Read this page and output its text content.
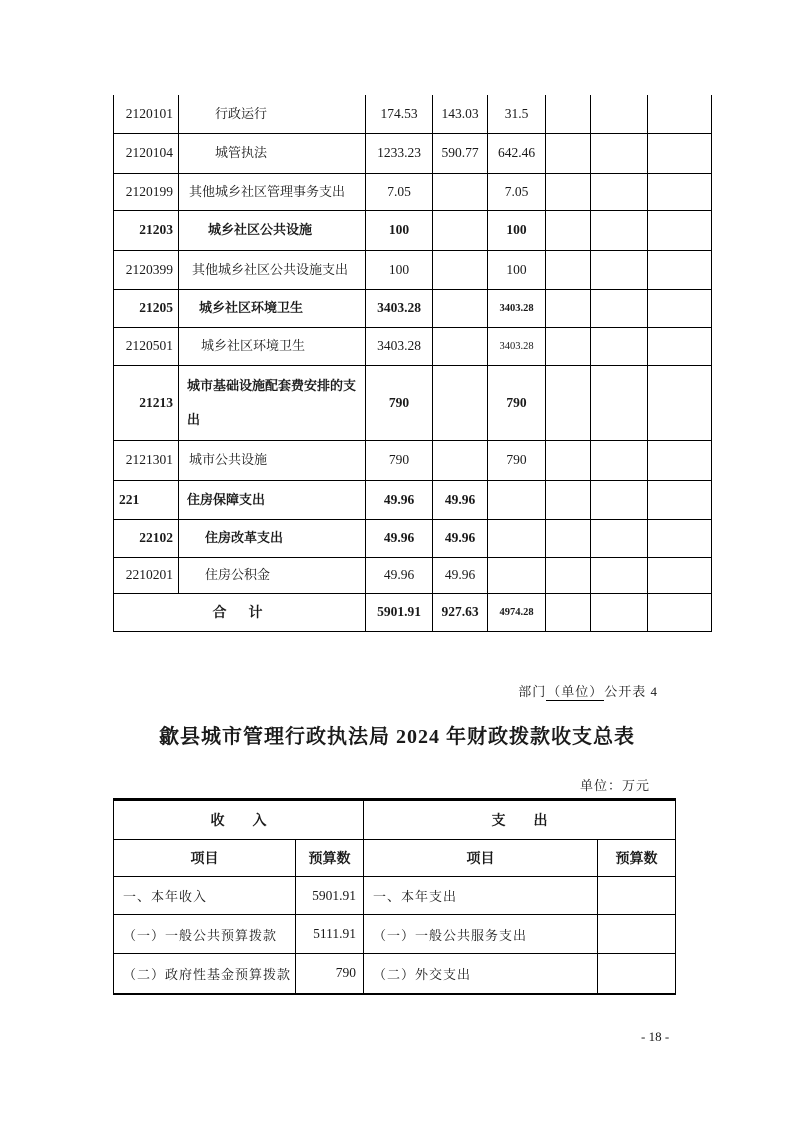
2120101	行政运行	174.53	143.03	31.5			
2120104	城管执法	1233.23	590.77	642.46			
2120199	其他城乡社区管理事务支出	7.05		7.05			
21203	城乡社区公共设施	100		100			
2120399	其他城乡社区公共设施支出	100		100			
21205	城乡社区环境卫生	3403.28		3403.28			
2120501	城乡社区环境卫生	3403.28		3403.28			
21213	城市基础设施配套费安排的支出	790		790			
2121301	城市公共设施	790		790			
221	住房保障支出	49.96	49.96				
22102	住房改革支出	49.96	49.96				
2210201	住房公积金	49.96	49.96				
合　计		5901.91	927.63	4974.28			
部门（单位）公开表 4
歙县城市管理行政执法局 2024 年财政拨款收支总表
单位：万元
收　　入		支　　出	
项目	预算数	项目	预算数
一、本年收入	5901.91	一、本年支出	
（一）一般公共预算拨款	5111.91	（一）一般公共服务支出	
（二）政府性基金预算拨款	790	（二）外交支出	
- 18 -
